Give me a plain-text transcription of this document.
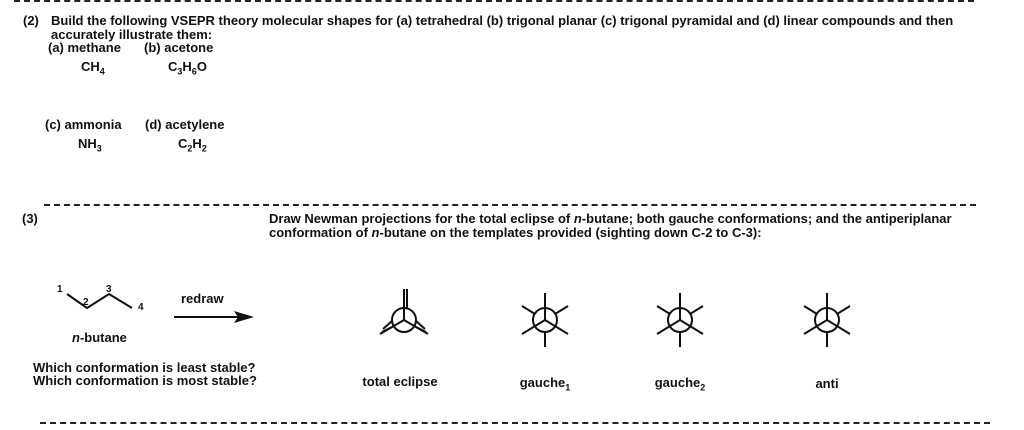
(2) Build the following VSEPR theory molecular shapes for (a) tetrahedral (b) trigonal planar (c) trigonal pyramidal and (d) linear compounds and then accurately illustrate them:
(a) methane
$CH_4$
(b) acetone
$C_3H_6O$
(c) ammonia
$NH_3$
(d) acetylene
$C_2H_2$
(3)	Draw Newman projections for the total eclipse of n-butane; both gauche conformations; and the antiperiplanar conformation of n-butane on the templates provided (sighting down C-2 to C-3):
1
2
3
4
n-butane
redraw
Which conformation is least stable?
Which conformation is most stable?	total eclipse	gauche$_1$	gauche$_2$	anti
